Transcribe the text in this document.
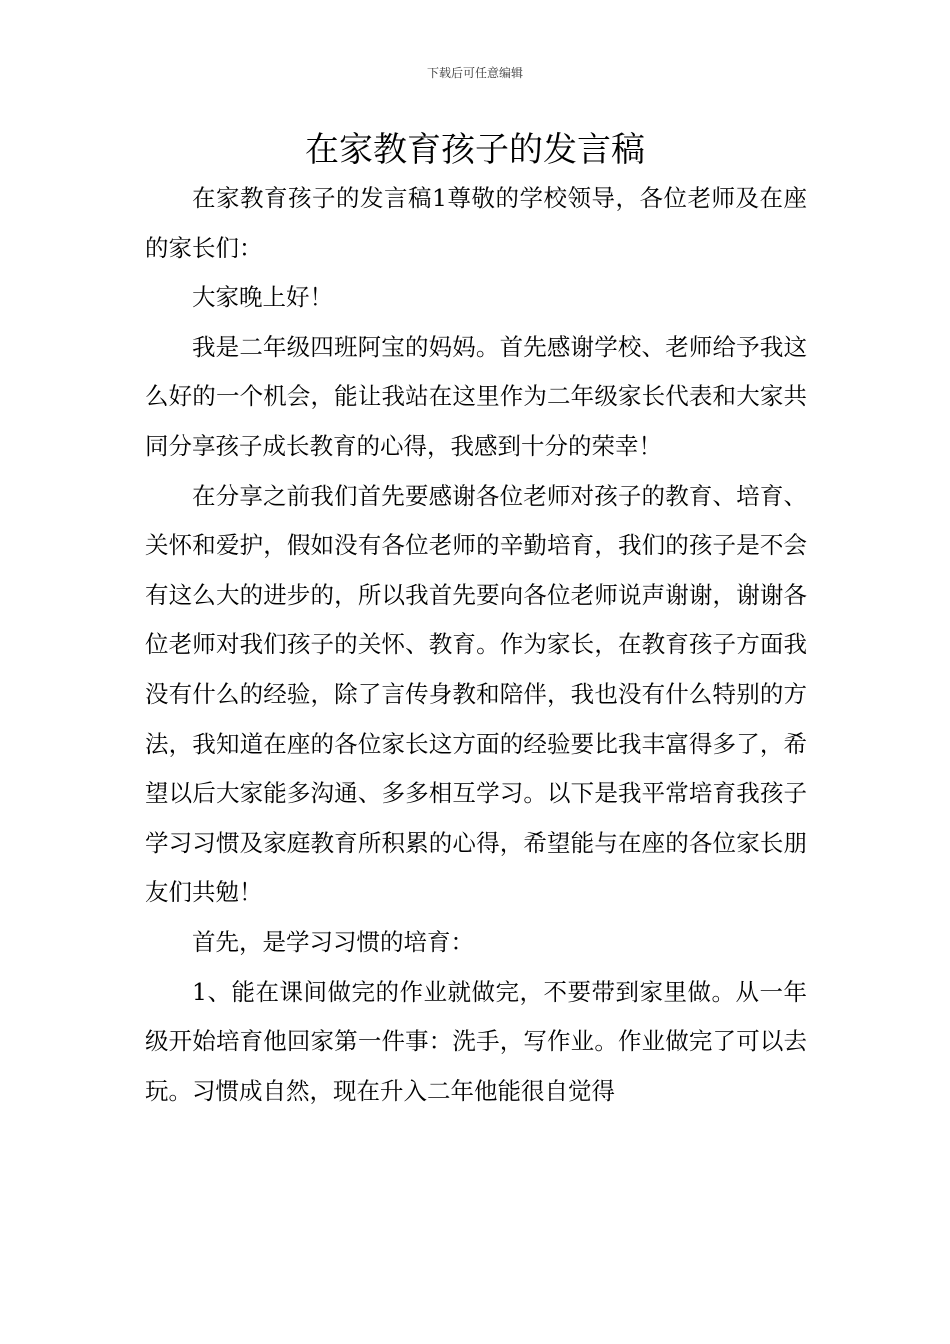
下载后可任意编辑
在家教育孩子的发言稿

在家教育孩子的发言稿1尊敬的学校领导，各位老师及在座的家长们：

大家晚上好！

我是二年级四班阿宝的妈妈。首先感谢学校、老师给予我这么好的一个机会，能让我站在这里作为二年级家长代表和大家共同分享孩子成长教育的心得，我感到十分的荣幸！

在分享之前我们首先要感谢各位老师对孩子的教育、培育、关怀和爱护，假如没有各位老师的辛勤培育，我们的孩子是不会有这么大的进步的，所以我首先要向各位老师说声谢谢，谢谢各位老师对我们孩子的关怀、教育。作为家长，在教育孩子方面我没有什么的经验，除了言传身教和陪伴，我也没有什么特别的方法，我知道在座的各位家长这方面的经验要比我丰富得多了，希望以后大家能多沟通、多多相互学习。以下是我平常培育我孩子学习习惯及家庭教育所积累的心得，希望能与在座的各位家长朋友们共勉！

首先，是学习习惯的培育：

1、能在课间做完的作业就做完，不要带到家里做。从一年级开始培育他回家第一件事：洗手，写作业。作业做完了可以去玩。习惯成自然，现在升入二年他能很自觉得
